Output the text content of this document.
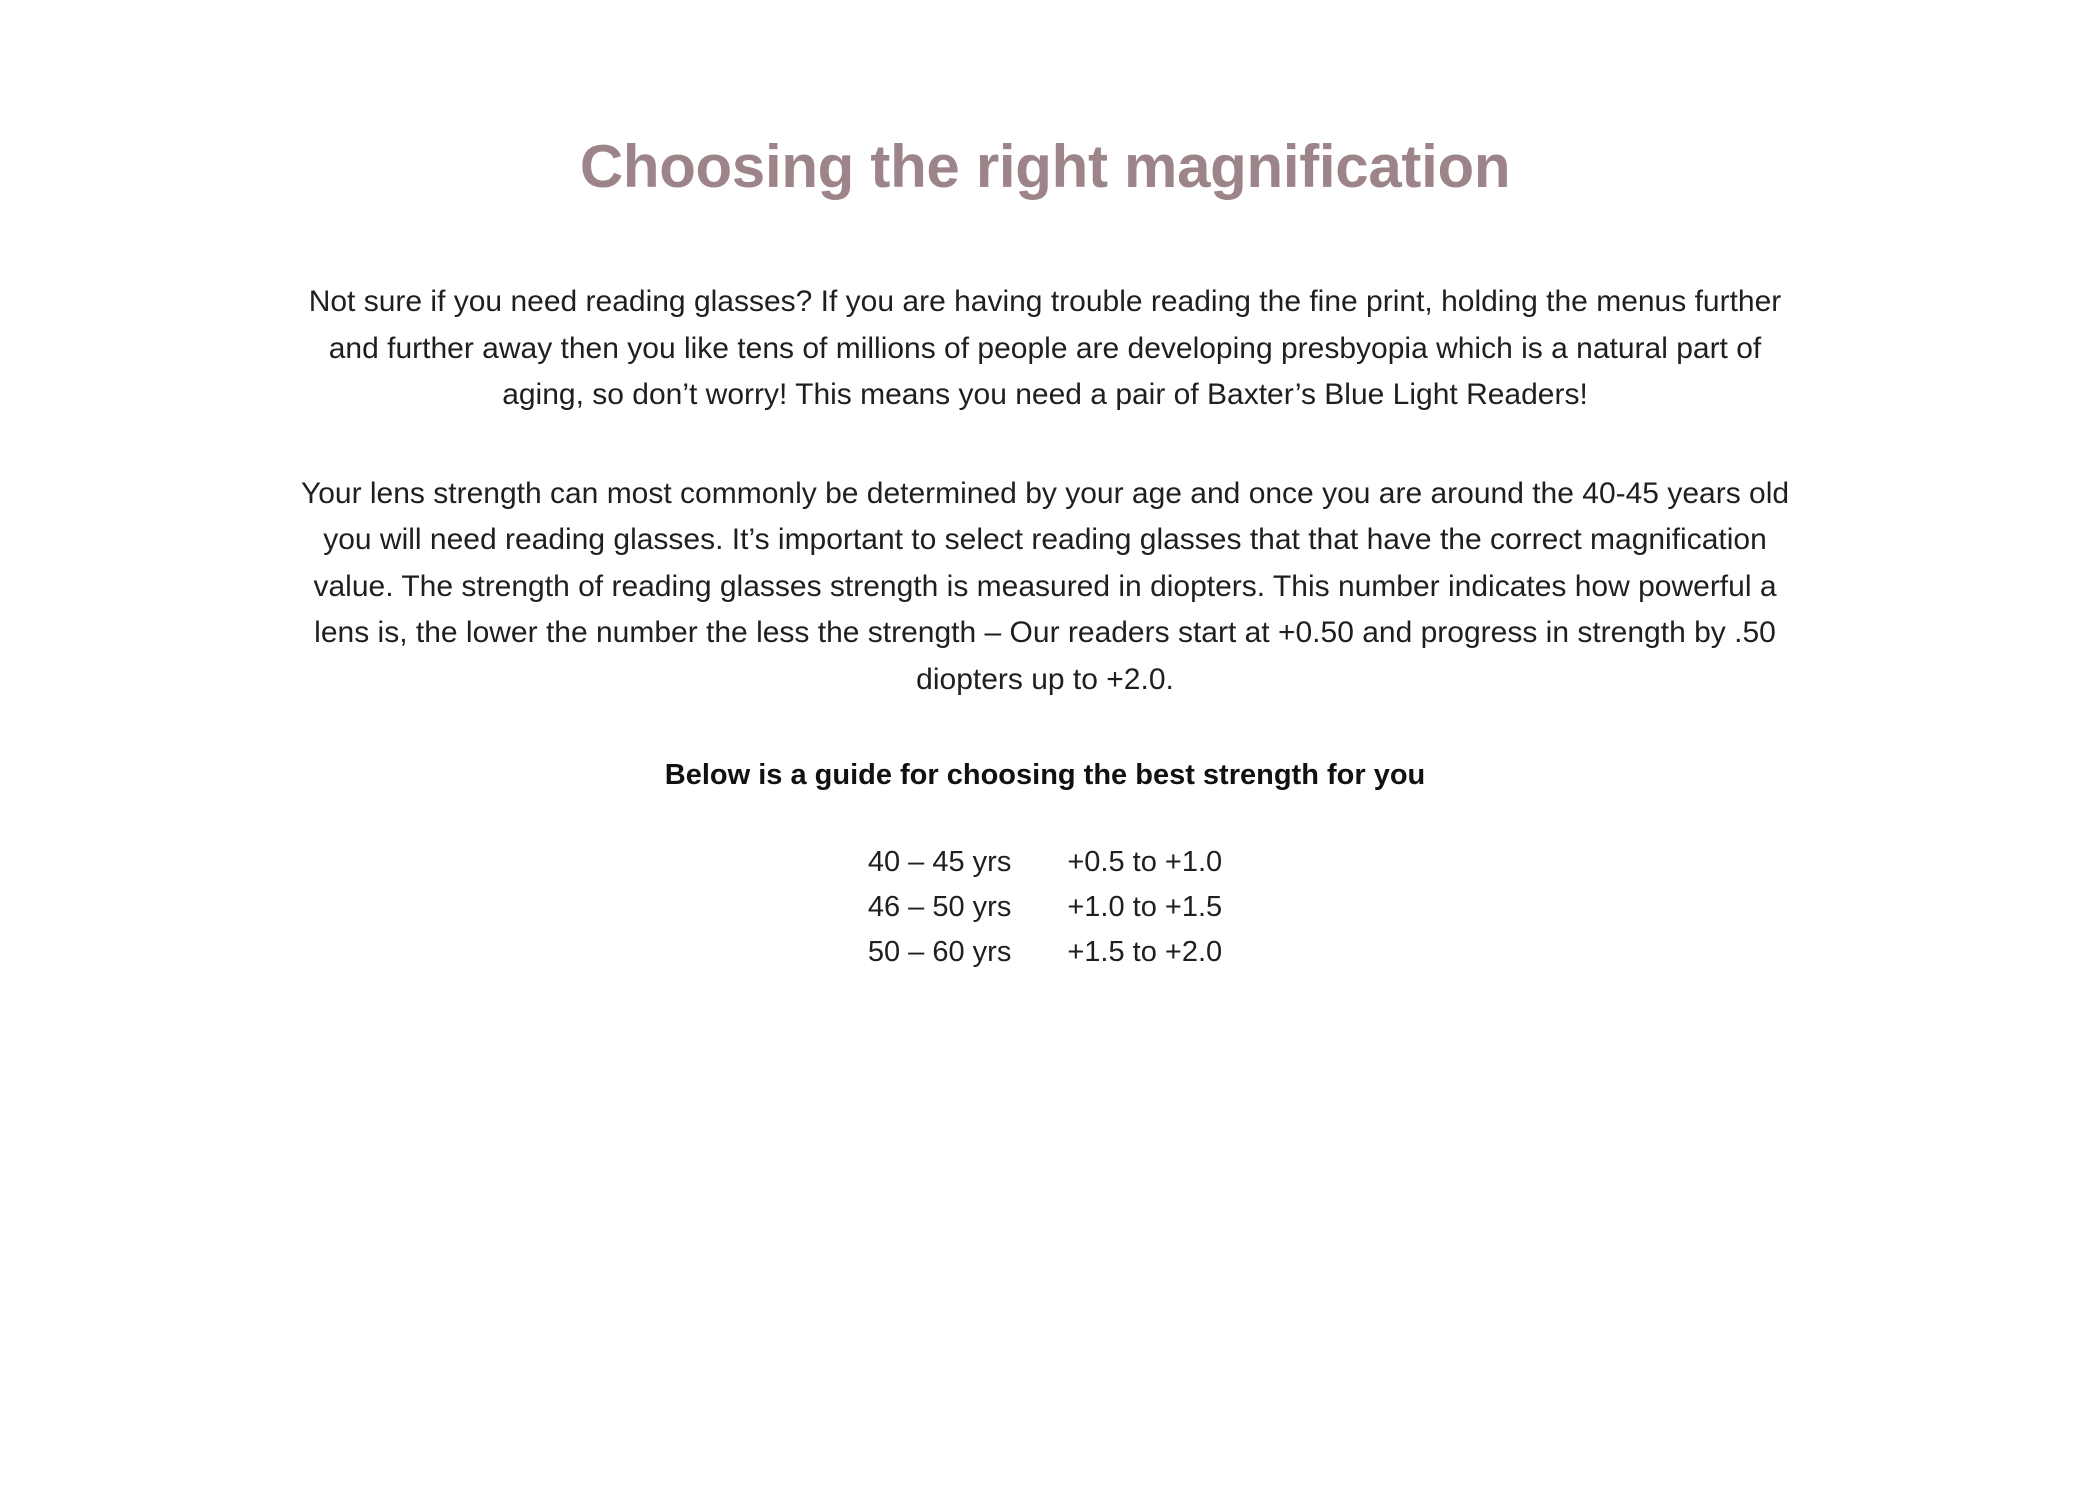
Choosing the right magnification

Not sure if you need reading glasses? If you are having trouble reading the fine print, holding the menus further and further away then you like tens of millions of people are developing presbyopia which is a natural part of aging, so don’t worry! This means you need a pair of Baxter’s Blue Light Readers!

Your lens strength can most commonly be determined by your age and once you are around the 40-45 years old you will need reading glasses. It’s important to select reading glasses that that have the correct magnification value. The strength of reading glasses strength is measured in diopters. This number indicates how powerful a lens is, the lower the number the less the strength – Our readers start at +0.50 and progress in strength by .50 diopters up to +2.0.

Below is a guide for choosing the best strength for you

40 – 45 yrs	+0.5 to +1.0
46 – 50 yrs	+1.0 to +1.5
50 – 60 yrs	+1.5 to +2.0
